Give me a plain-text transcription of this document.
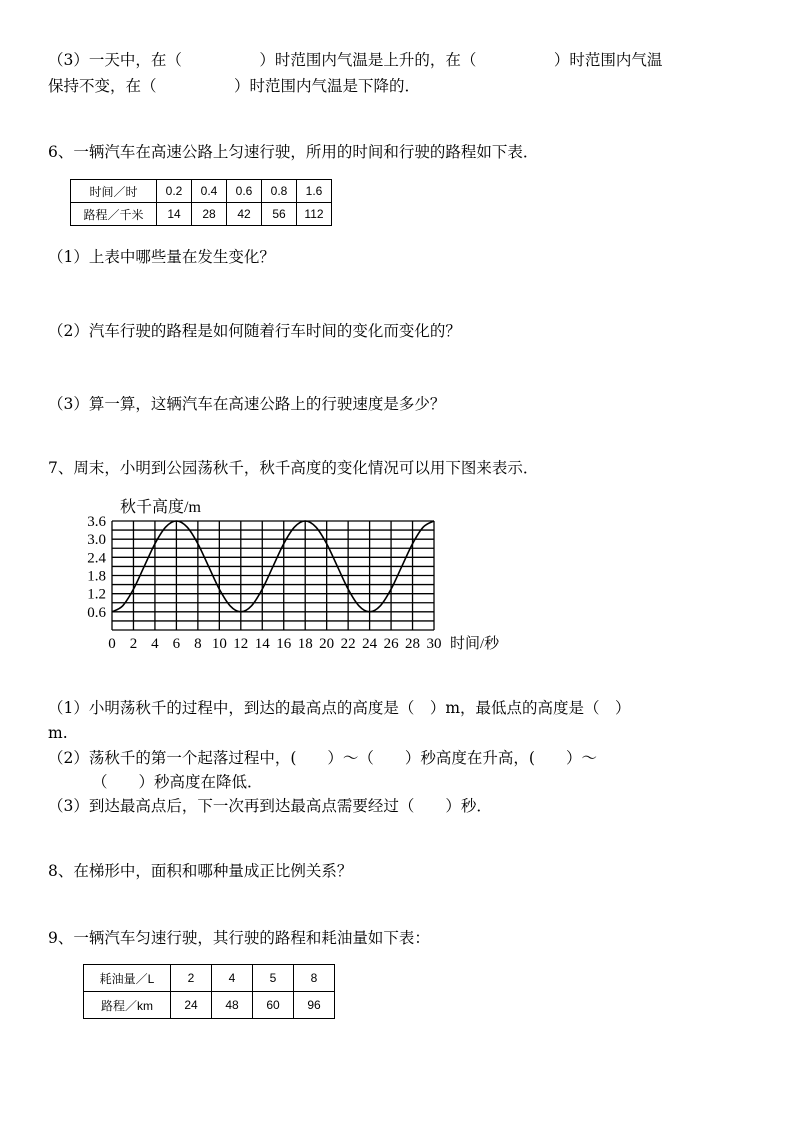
（3）一天中，在（　　　　　）时范围内气温是上升的，在（　　　　　）时范围内气温
保持不变，在（　　　　　）时范围内气温是下降的．
6、一辆汽车在高速公路上匀速行驶，所用的时间和行驶的路程如下表．
时间／时	0.2	0.4	0.6	0.8	1.6
路程／千米	14	28	42	56	112
（1）上表中哪些量在发生变化？
（2）汽车行驶的路程是如何随着行车时间的变化而变化的？
（3）算一算，这辆汽车在高速公路上的行驶速度是多少？
7、周末，小明到公园荡秋千，秋千高度的变化情况可以用下图来表示．
秋千高度/m
0.6
1.2
1.8
2.4
3.0
3.6
0 2 4 6 8 10 12 14 16 18 20 22 24 26 28 30 时间/秒
（1）小明荡秋千的过程中，到达的最高点的高度是（　）m，最低点的高度是（　）
m.
（2）荡秋千的第一个起落过程中，(　　）～（　　）秒高度在升高，(　　）～
（　　）秒高度在降低．
（3）到达最高点后，下一次再到达最高点需要经过（　　）秒．
8、在梯形中，面积和哪种量成正比例关系？
9、一辆汽车匀速行驶，其行驶的路程和耗油量如下表：
耗油量／L	2	4	5	8
路程／km	24	48	60	96
